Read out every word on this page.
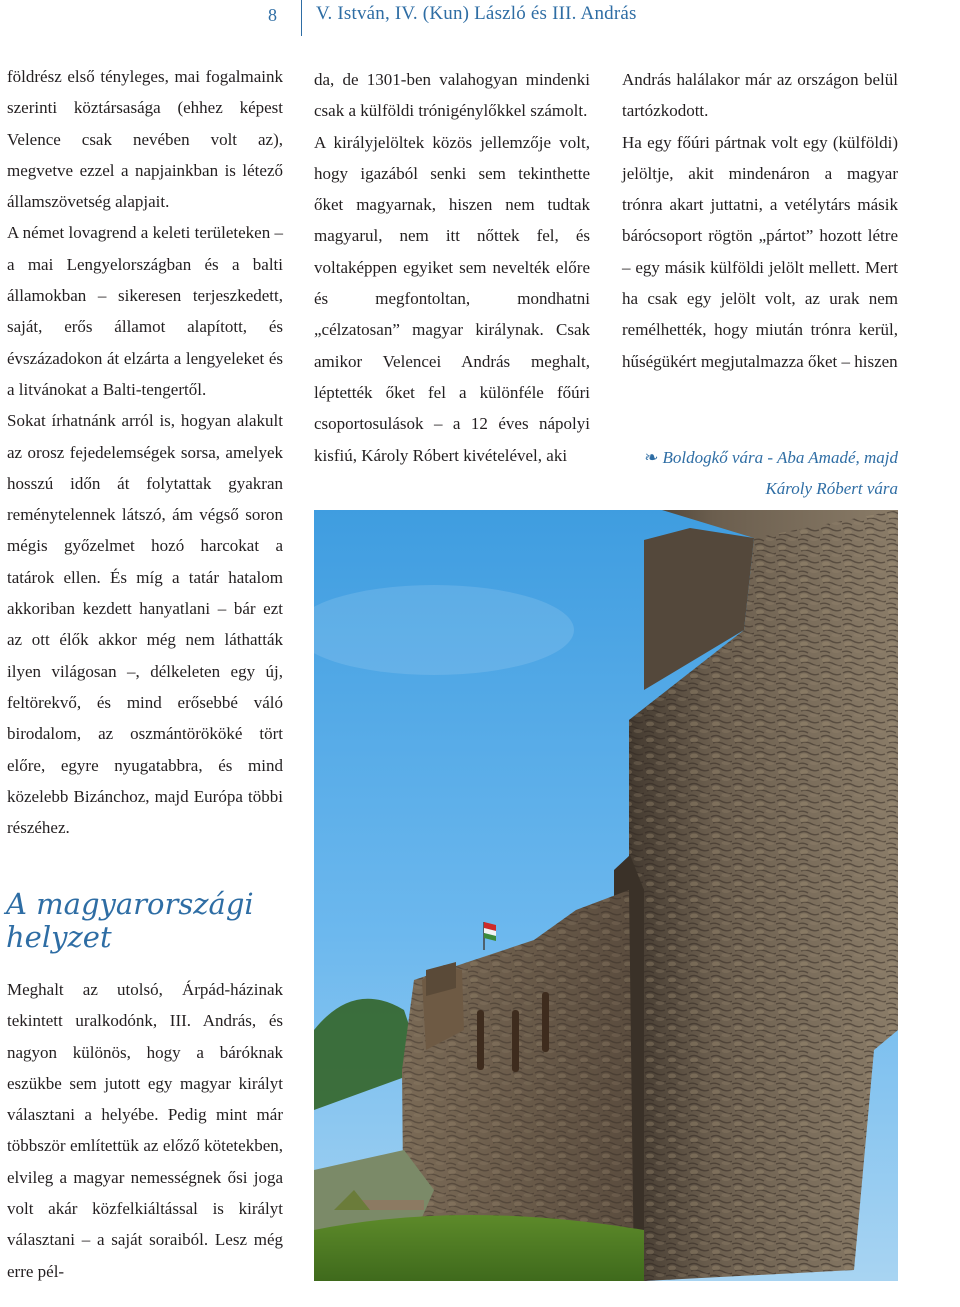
8 V. István, IV. (Kun) László és III. András

földrész első tényleges, mai fogalmaink szerinti köztársasága (ehhez képest Velence csak nevében volt az), megvetve ezzel a napjainkban is létező államszövetség alapjait.

A német lovagrend a keleti területeken – a mai Lengyelországban és a balti államokban – sikeresen terjeszkedett, saját, erős államot alapított, és évszázadokon át elzárta a lengyeleket és a litvánokat a Balti-tengertől.

Sokat írhatnánk arról is, hogyan alakult az orosz fejedelemségek sorsa, amelyek hosszú időn át folytattak gyakran reménytelennek látszó, ám végső soron mégis győzelmet hozó harcokat a tatárok ellen. És míg a tatár hatalom akkoriban kezdett hanyatlani – bár ezt az ott élők akkor még nem láthatták ilyen világosan –, délkeleten egy új, feltörekvő, és mind erősebbé váló birodalom, az oszmántörököké tört előre, egyre nyugatabbra, és mind közelebb Bizánchoz, majd Európa többi részéhez.

A magyarországi helyzet

Meghalt az utolsó, Árpád-házinak tekintett uralkodónk, III. András, és nagyon különös, hogy a báróknak eszükbe sem jutott egy magyar királyt választani a helyébe. Pedig mint már többször említettük az előző kötetekben, elvileg a magyar nemességnek ősi joga volt akár közfelkiáltással is királyt választani – a saját soraiból. Lesz még erre pél-

da, de 1301-ben valahogyan mindenki csak a külföldi trónigénylőkkel számolt.

A királyjelöltek közös jellemzője volt, hogy igazából senki sem tekinthette őket magyarnak, hiszen nem tudtak magyarul, nem itt nőttek fel, és voltaképpen egyiket sem nevelték előre és megfontoltan, mondhatni „célzatosan” magyar királynak. Csak amikor Velencei András meghalt, léptették őket fel a különféle főúri csoportosulások – a 12 éves nápolyi kisfiú, Károly Róbert kivételével, aki

András halálakor már az országon belül tartózkodott.

Ha egy főúri pártnak volt egy (külföldi) jelöltje, akit mindenáron a magyar trónra akart juttatni, a vetélytárs másik bárócsoport rögtön „pártot” hozott létre – egy másik külföldi jelölt mellett. Mert ha csak egy jelölt volt, az urak nem remélhették, hogy miután trónra kerül, hűségükért megjutalmazza őket – hiszen

❧ Boldogkő vára - Aba Amadé, majd Károly Róbert vára
